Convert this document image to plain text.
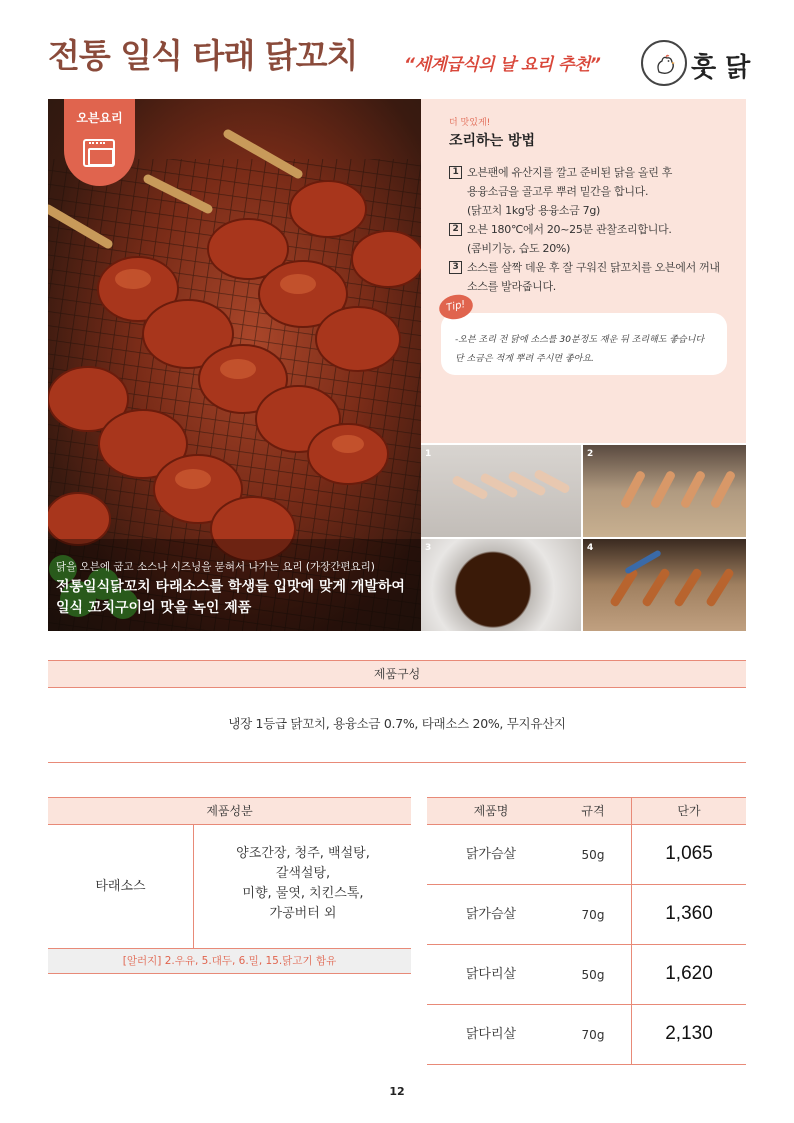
전통 일식 타래 닭꼬치	“세계급식의 날 요리 추천”	훗 닭
오븐요리
닭을 오븐에 굽고 소스나 시즈닝을 묻혀서 나가는 요리 (가장간편요리)
전통일식닭꼬치 타래소스를 학생들 입맛에 맞게 개발하여
일식 꼬치구이의 맛을 녹인 제품
더 맛있게!
조리하는 방법
1 오븐팬에 유산지를 깔고 준비된 닭을 올린 후
용융소금을 골고루 뿌려 밑간을 합니다.
(닭꼬치 1kg당 용융소금 7g)
2 오븐 180℃에서 20~25분 관찰조리합니다.
(콤비기능, 습도 20%)
3 소스를 살짝 데운 후 잘 구워진 닭꼬치를 오븐에서 꺼내
소스를 발라줍니다.
-오븐 조리 전 닭에 소스를 30분정도 재운 뒤 조리해도 좋습니다
단 소금은 적게 뿌려 주시면 좋아요.
Tip!
1	2
3	4
제품구성
냉장 1등급 닭꼬치, 용융소금 0.7%, 타래소스 20%, 무지유산지
제품성분
타래소스
양조간장, 청주, 백설탕,
갈색설탕,
미향, 물엿, 치킨스톡,
가공버터 외
[알러지] 2.우유, 5.대두, 6.밀, 15.닭고기 함유
제품명	규격	단가
닭가슴살	50g	1,065
닭가슴살	70g	1,360
닭다리살	50g	1,620
닭다리살	70g	2,130
12
